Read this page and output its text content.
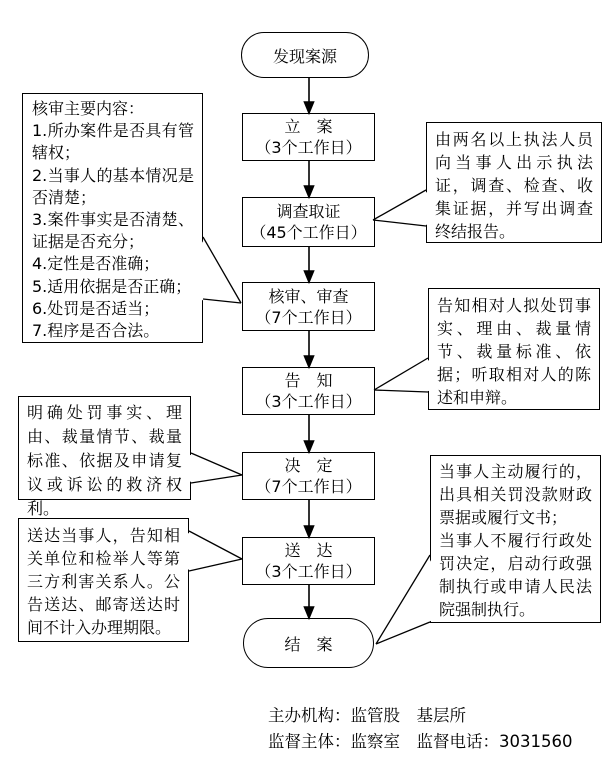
发现案源
结　案
立　案
（3个工作日）
调查取证
（45个工作日）
核审、审查
（7个工作日）
告　知
（3个工作日）
决　定
（7个工作日）
送　达
（3个工作日）
核审主要内容：
1.所办案件是否具有管辖权；
2.当事人的基本情况是否清楚；
3.案件事实是否清楚、证据是否充分；
4.定性是否准确；
5.适用依据是否正确；
6.处罚是否适当；
7.程序是否合法。
明确处罚事实、理由、裁量情节、裁量标准、依据及申请复议或诉讼的救济权利。
送达当事人，告知相关单位和检举人等第三方利害关系人。公告送达、邮寄送达时间不计入办理期限。
由两名以上执法人员向当事人出示执法证，调查、检查、收集证据，并写出调查终结报告。
告知相对人拟处罚事实、理由、裁量情节、裁量标准、依据；听取相对人的陈述和申辩。
当事人主动履行的，出具相关罚没款财政票据或履行文书；
当事人不履行行政处罚决定，启动行政强制执行或申请人民法院强制执行。
主办机构：监管股　基层所
监督主体：监察室　监督电话：3031560
